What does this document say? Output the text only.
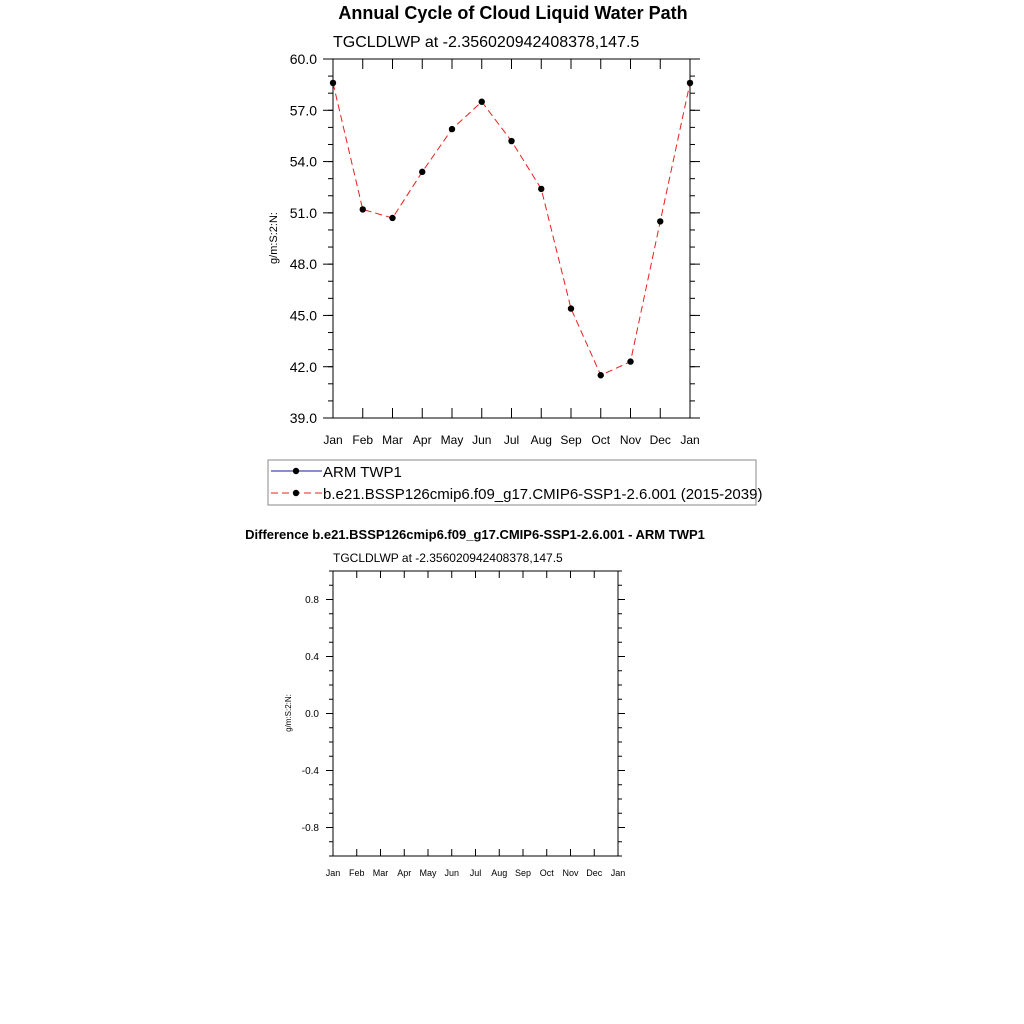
Annual Cycle of Cloud Liquid Water Path
TGCLDLWP at -2.356020942408378,147.5
g/m:S:2:N:
Jan Feb Mar Apr May Jun Jul Aug Sep Oct Nov Dec Jan
39.0
42.0
45.0
48.0
51.0
54.0
57.0
60.0
ARM TWP1
b.e21.BSSP126cmip6.f09_g17.CMIP6-SSP1-2.6.001 (2015-2039)
Difference b.e21.BSSP126cmip6.f09_g17.CMIP6-SSP1-2.6.001 - ARM TWP1
TGCLDLWP at -2.356020942408378,147.5
g/m:S:2:N:
Jan Feb Mar Apr May Jun Jul Aug Sep Oct Nov Dec Jan
-0.8
-0.4
0.0
0.4
0.8
